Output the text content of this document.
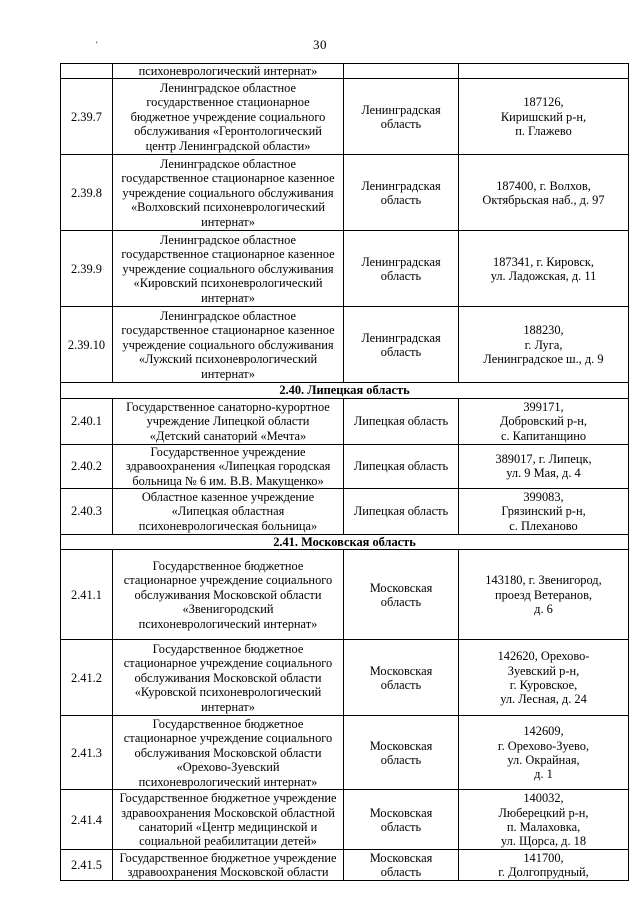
30
'

	психоневрологический интернат»		

2.39.7	Ленинградское областное
государственное стационарное
бюджетное учреждение социального
обслуживания «Геронтологический
центр Ленинградской области»	Ленинградская
область	187126,
Киришский р-н,
п. Глажево

2.39.8	Ленинградское областное
государственное стационарное казенное
учреждение социального обслуживания
«Волховский психоневрологический
интернат»	Ленинградская
область	187400, г. Волхов,
Октябрьская наб., д. 97

2.39.9	Ленинградское областное
государственное стационарное казенное
учреждение социального обслуживания
«Кировский психоневрологический
интернат»	Ленинградская
область	187341, г. Кировск,
ул. Ладожская, д. 11

2.39.10	Ленинградское областное
государственное стационарное казенное
учреждение социального обслуживания
«Лужский психоневрологический
интернат»	Ленинградская
область	188230,
г. Луга,
Ленинградское ш., д. 9

2.40. Липецкая область			
2.40.1	Государственное санаторно-курортное
учреждение Липецкой области
«Детский санаторий «Мечта»	Липецкая область	399171,
Добровский р-н,
с. Капитанщино

2.40.2	Государственное учреждение
здравоохранения «Липецкая городская
больница № 6 им. В.В. Макущенко»	Липецкая область	389017, г. Липецк,
ул. 9 Мая, д. 4

2.40.3	Областное казенное учреждение
«Липецкая областная
психоневрологическая больница»	Липецкая область	399083,
Грязинский р-н,
с. Плеханово

2.41. Московская область			
2.41.1	Государственное бюджетное
стационарное учреждение социального
обслуживания Московской области
«Звенигородский
психоневрологический интернат»	Московская
область	143180, г. Звенигород,
проезд Ветеранов,
д. 6

2.41.2	Государственное бюджетное
стационарное учреждение социального
обслуживания Московской области
«Куровской психоневрологический
интернат»	Московская
область	142620, Орехово-
Зуевский р-н,
г. Куровское,
ул. Лесная, д. 24

2.41.3	Государственное бюджетное
стационарное учреждение социального
обслуживания Московской области
«Орехово-Зуевский
психоневрологический интернат»	Московская
область	142609,
г. Орехово-Зуево,
ул. Окрайная,
д. 1

2.41.4	Государственное бюджетное учреждение
здравоохранения Московской областной
санаторий «Центр медицинской и
социальной реабилитации детей»	Московская
область	140032,
Люберецкий р-н,
п. Малаховка,
ул. Щорса, д. 18

2.41.5	Государственное бюджетное учреждение
здравоохранения Московской области	Московская
область	141700,
г. Долгопрудный,
